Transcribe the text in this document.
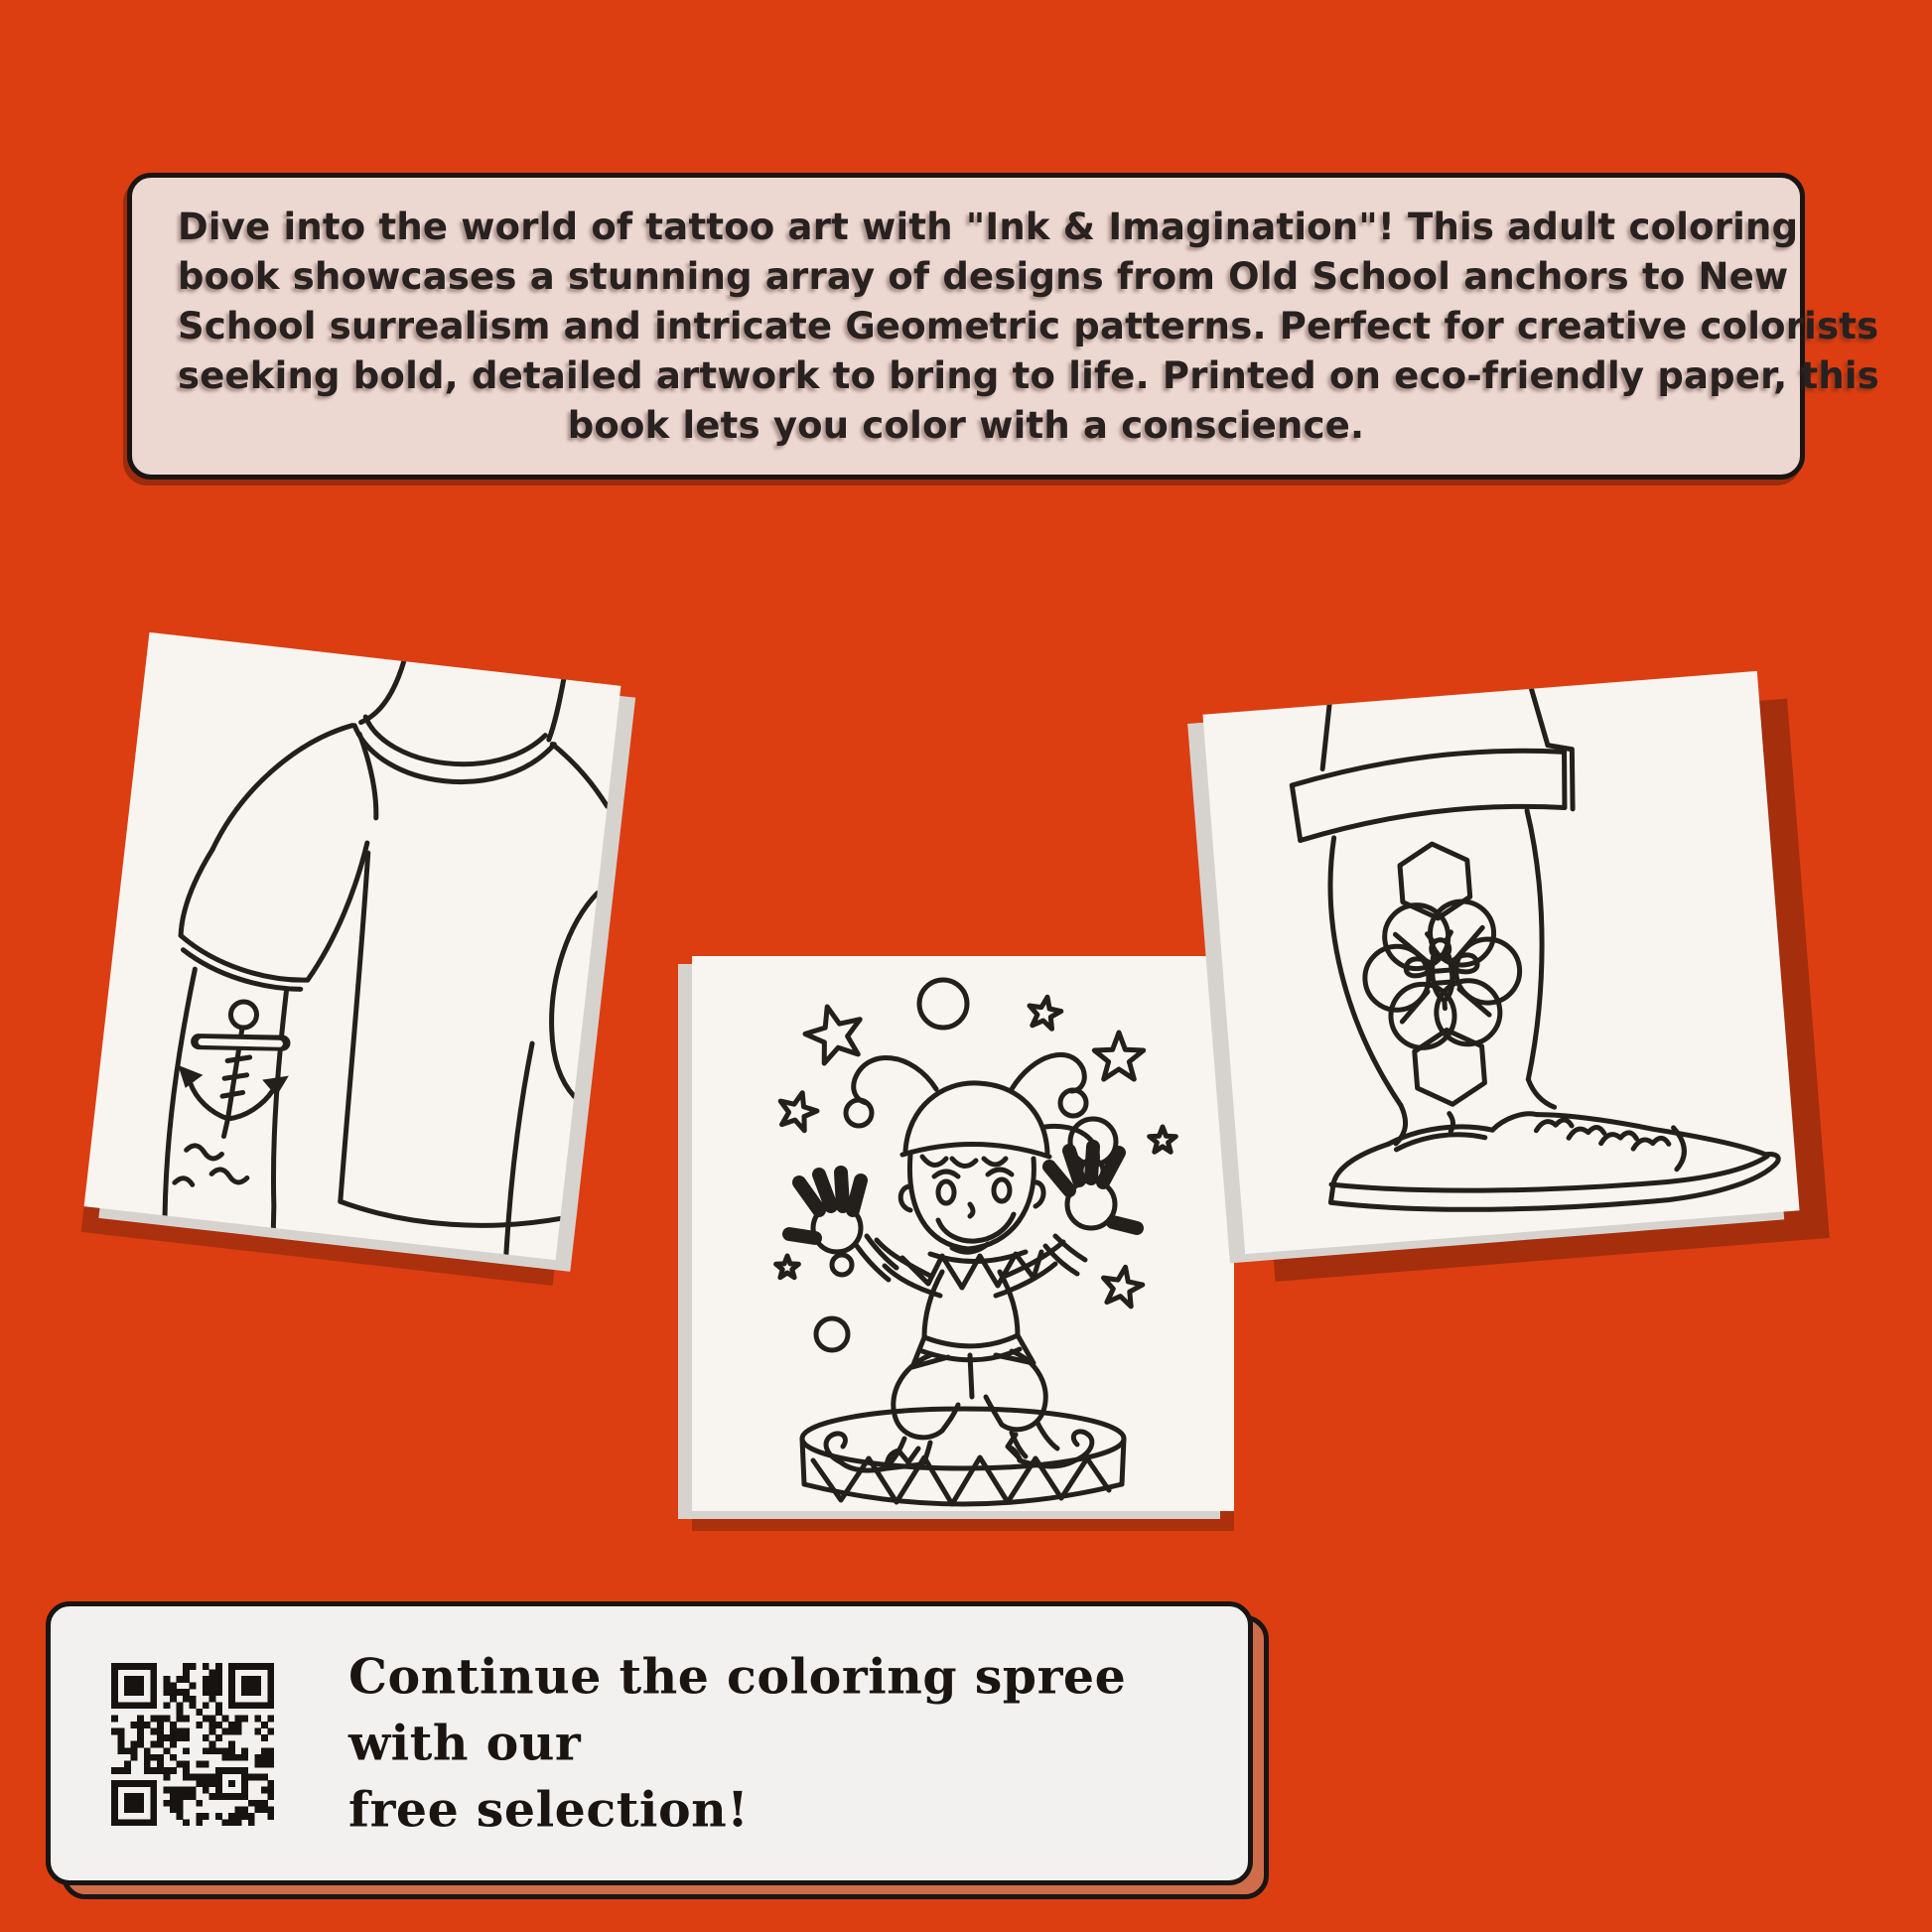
Dive into the world of tattoo art with "Ink & Imagination"! This adult coloring
book showcases a stunning array of designs from Old School anchors to New
School surrealism and intricate Geometric patterns. Perfect for creative colorists
seeking bold, detailed artwork to bring to life. Printed on eco-friendly paper, this
book lets you color with a conscience.
Continue the coloring spree with our
free selection!
